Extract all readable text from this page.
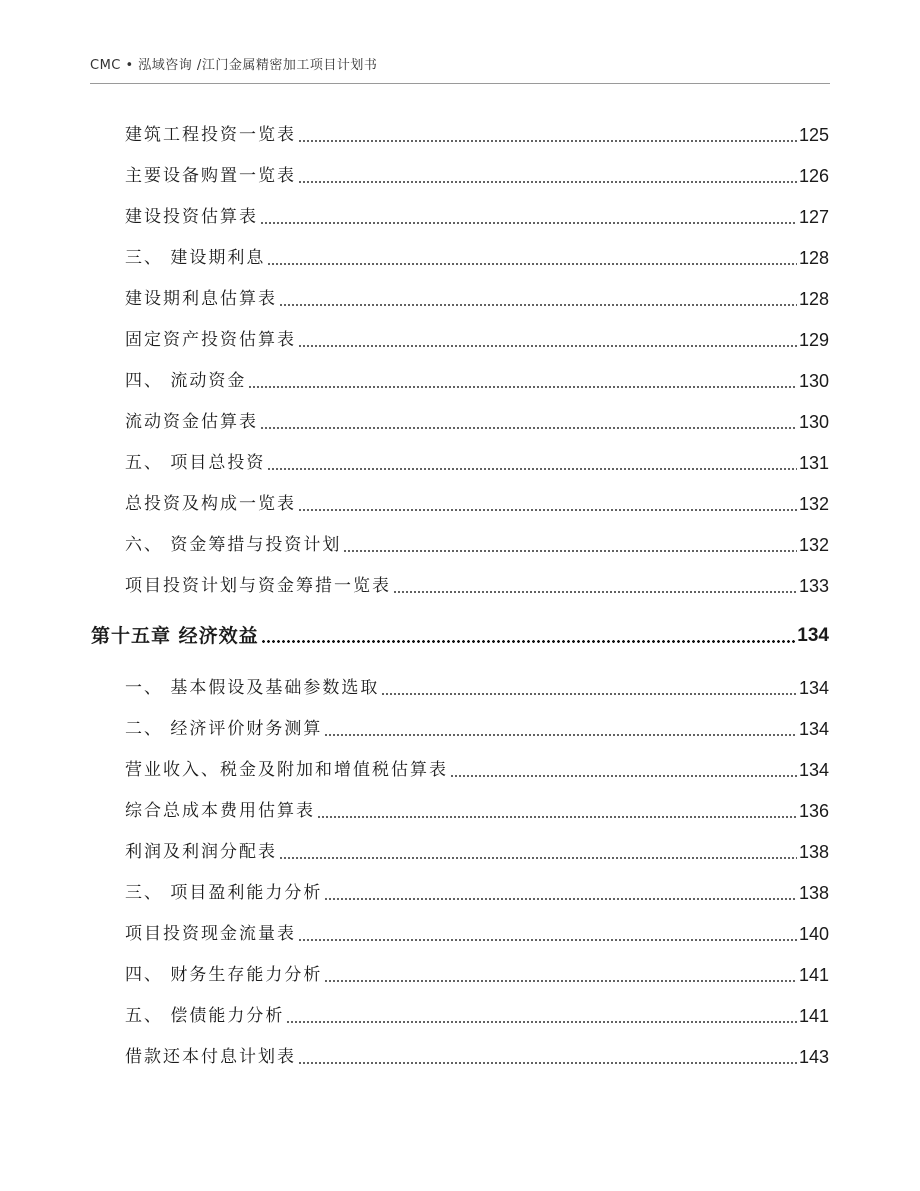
CMC • 泓域咨询 /江门金属精密加工项目计划书
建筑工程投资一览表	125
主要设备购置一览表	126
建设投资估算表	127
三、 建设期利息	128
建设期利息估算表	128
固定资产投资估算表	129
四、 流动资金	130
流动资金估算表	130
五、 项目总投资	131
总投资及构成一览表	132
六、 资金筹措与投资计划	132
项目投资计划与资金筹措一览表	133
第十五章 经济效益	134
一、 基本假设及基础参数选取	134
二、 经济评价财务测算	134
营业收入、税金及附加和增值税估算表	134
综合总成本费用估算表	136
利润及利润分配表	138
三、 项目盈利能力分析	138
项目投资现金流量表	140
四、 财务生存能力分析	141
五、 偿债能力分析	141
借款还本付息计划表	143
